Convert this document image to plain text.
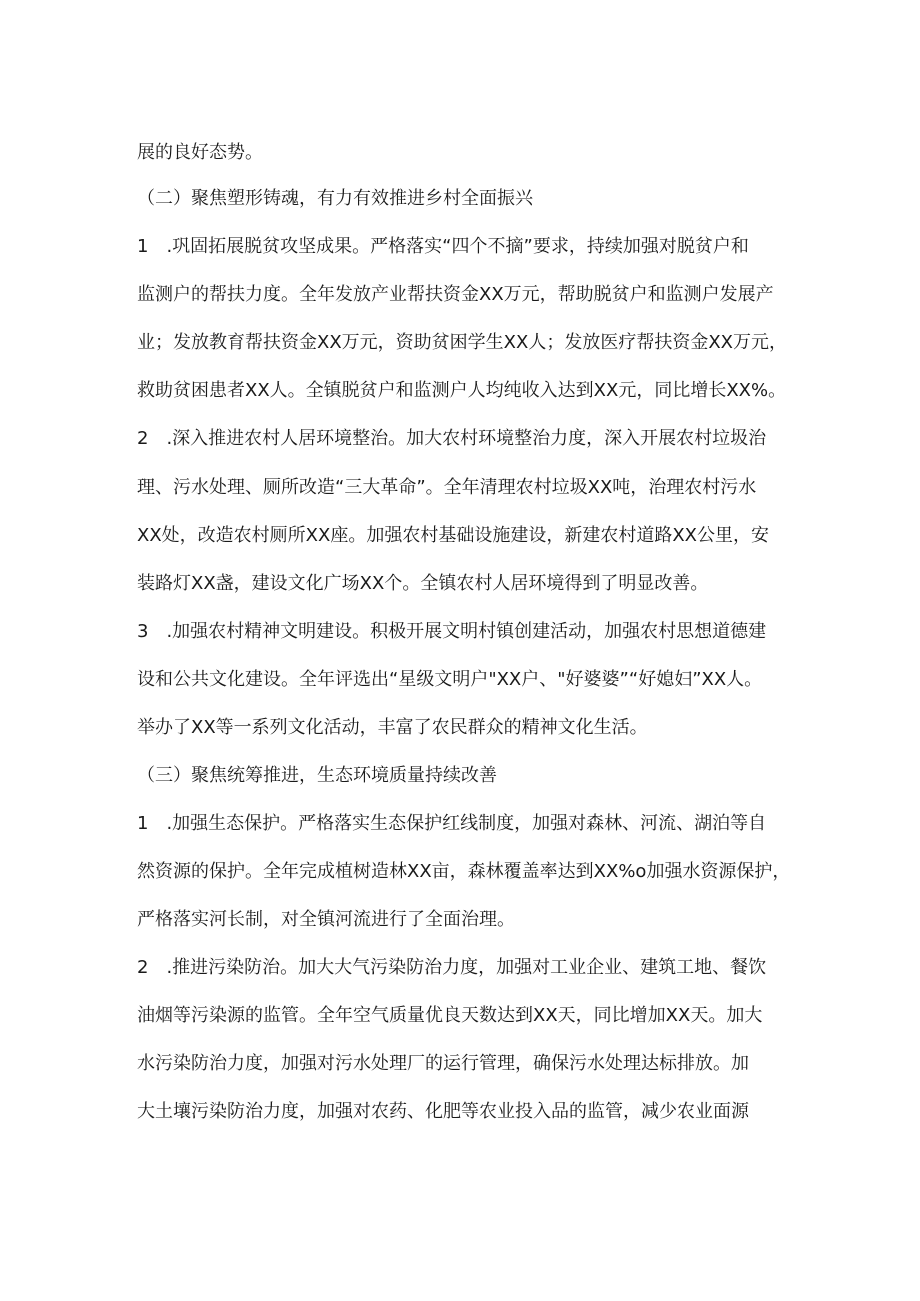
展的良好态势。
（二）聚焦塑形铸魂，有力有效推进乡村全面振兴
1　.巩固拓展脱贫攻坚成果。严格落实“四个不摘”要求，持续加强对脱贫户和
监测户的帮扶力度。全年发放产业帮扶资金XX万元，帮助脱贫户和监测户发展产
业；发放教育帮扶资金XX万元，资助贫困学生XX人；发放医疗帮扶资金XX万元，
救助贫困患者XX人。全镇脱贫户和监测户人均纯收入达到XX元，同比增长XX%。
2　.深入推进农村人居环境整治。加大农村环境整治力度，深入开展农村垃圾治
理、污水处理、厕所改造“三大革命”。全年清理农村垃圾XX吨，治理农村污水
XX处，改造农村厕所XX座。加强农村基础设施建设，新建农村道路XX公里，安
装路灯XX盏，建设文化广场XX个。全镇农村人居环境得到了明显改善。
3　.加强农村精神文明建设。积极开展文明村镇创建活动，加强农村思想道德建
设和公共文化建设。全年评选出“星级文明户"XX户、"好婆婆”“好媳妇”XX人。
举办了XX等一系列文化活动，丰富了农民群众的精神文化生活。
（三）聚焦统筹推进，生态环境质量持续改善
1　.加强生态保护。严格落实生态保护红线制度，加强对森林、河流、湖泊等自
然资源的保护。全年完成植树造林XX亩，森林覆盖率达到XX%o加强水资源保护，
严格落实河长制，对全镇河流进行了全面治理。
2　.推进污染防治。加大大气污染防治力度，加强对工业企业、建筑工地、餐饮
油烟等污染源的监管。全年空气质量优良天数达到XX天，同比增加XX天。加大
水污染防治力度，加强对污水处理厂的运行管理，确保污水处理达标排放。加
大土壤污染防治力度，加强对农药、化肥等农业投入品的监管，减少农业面源
